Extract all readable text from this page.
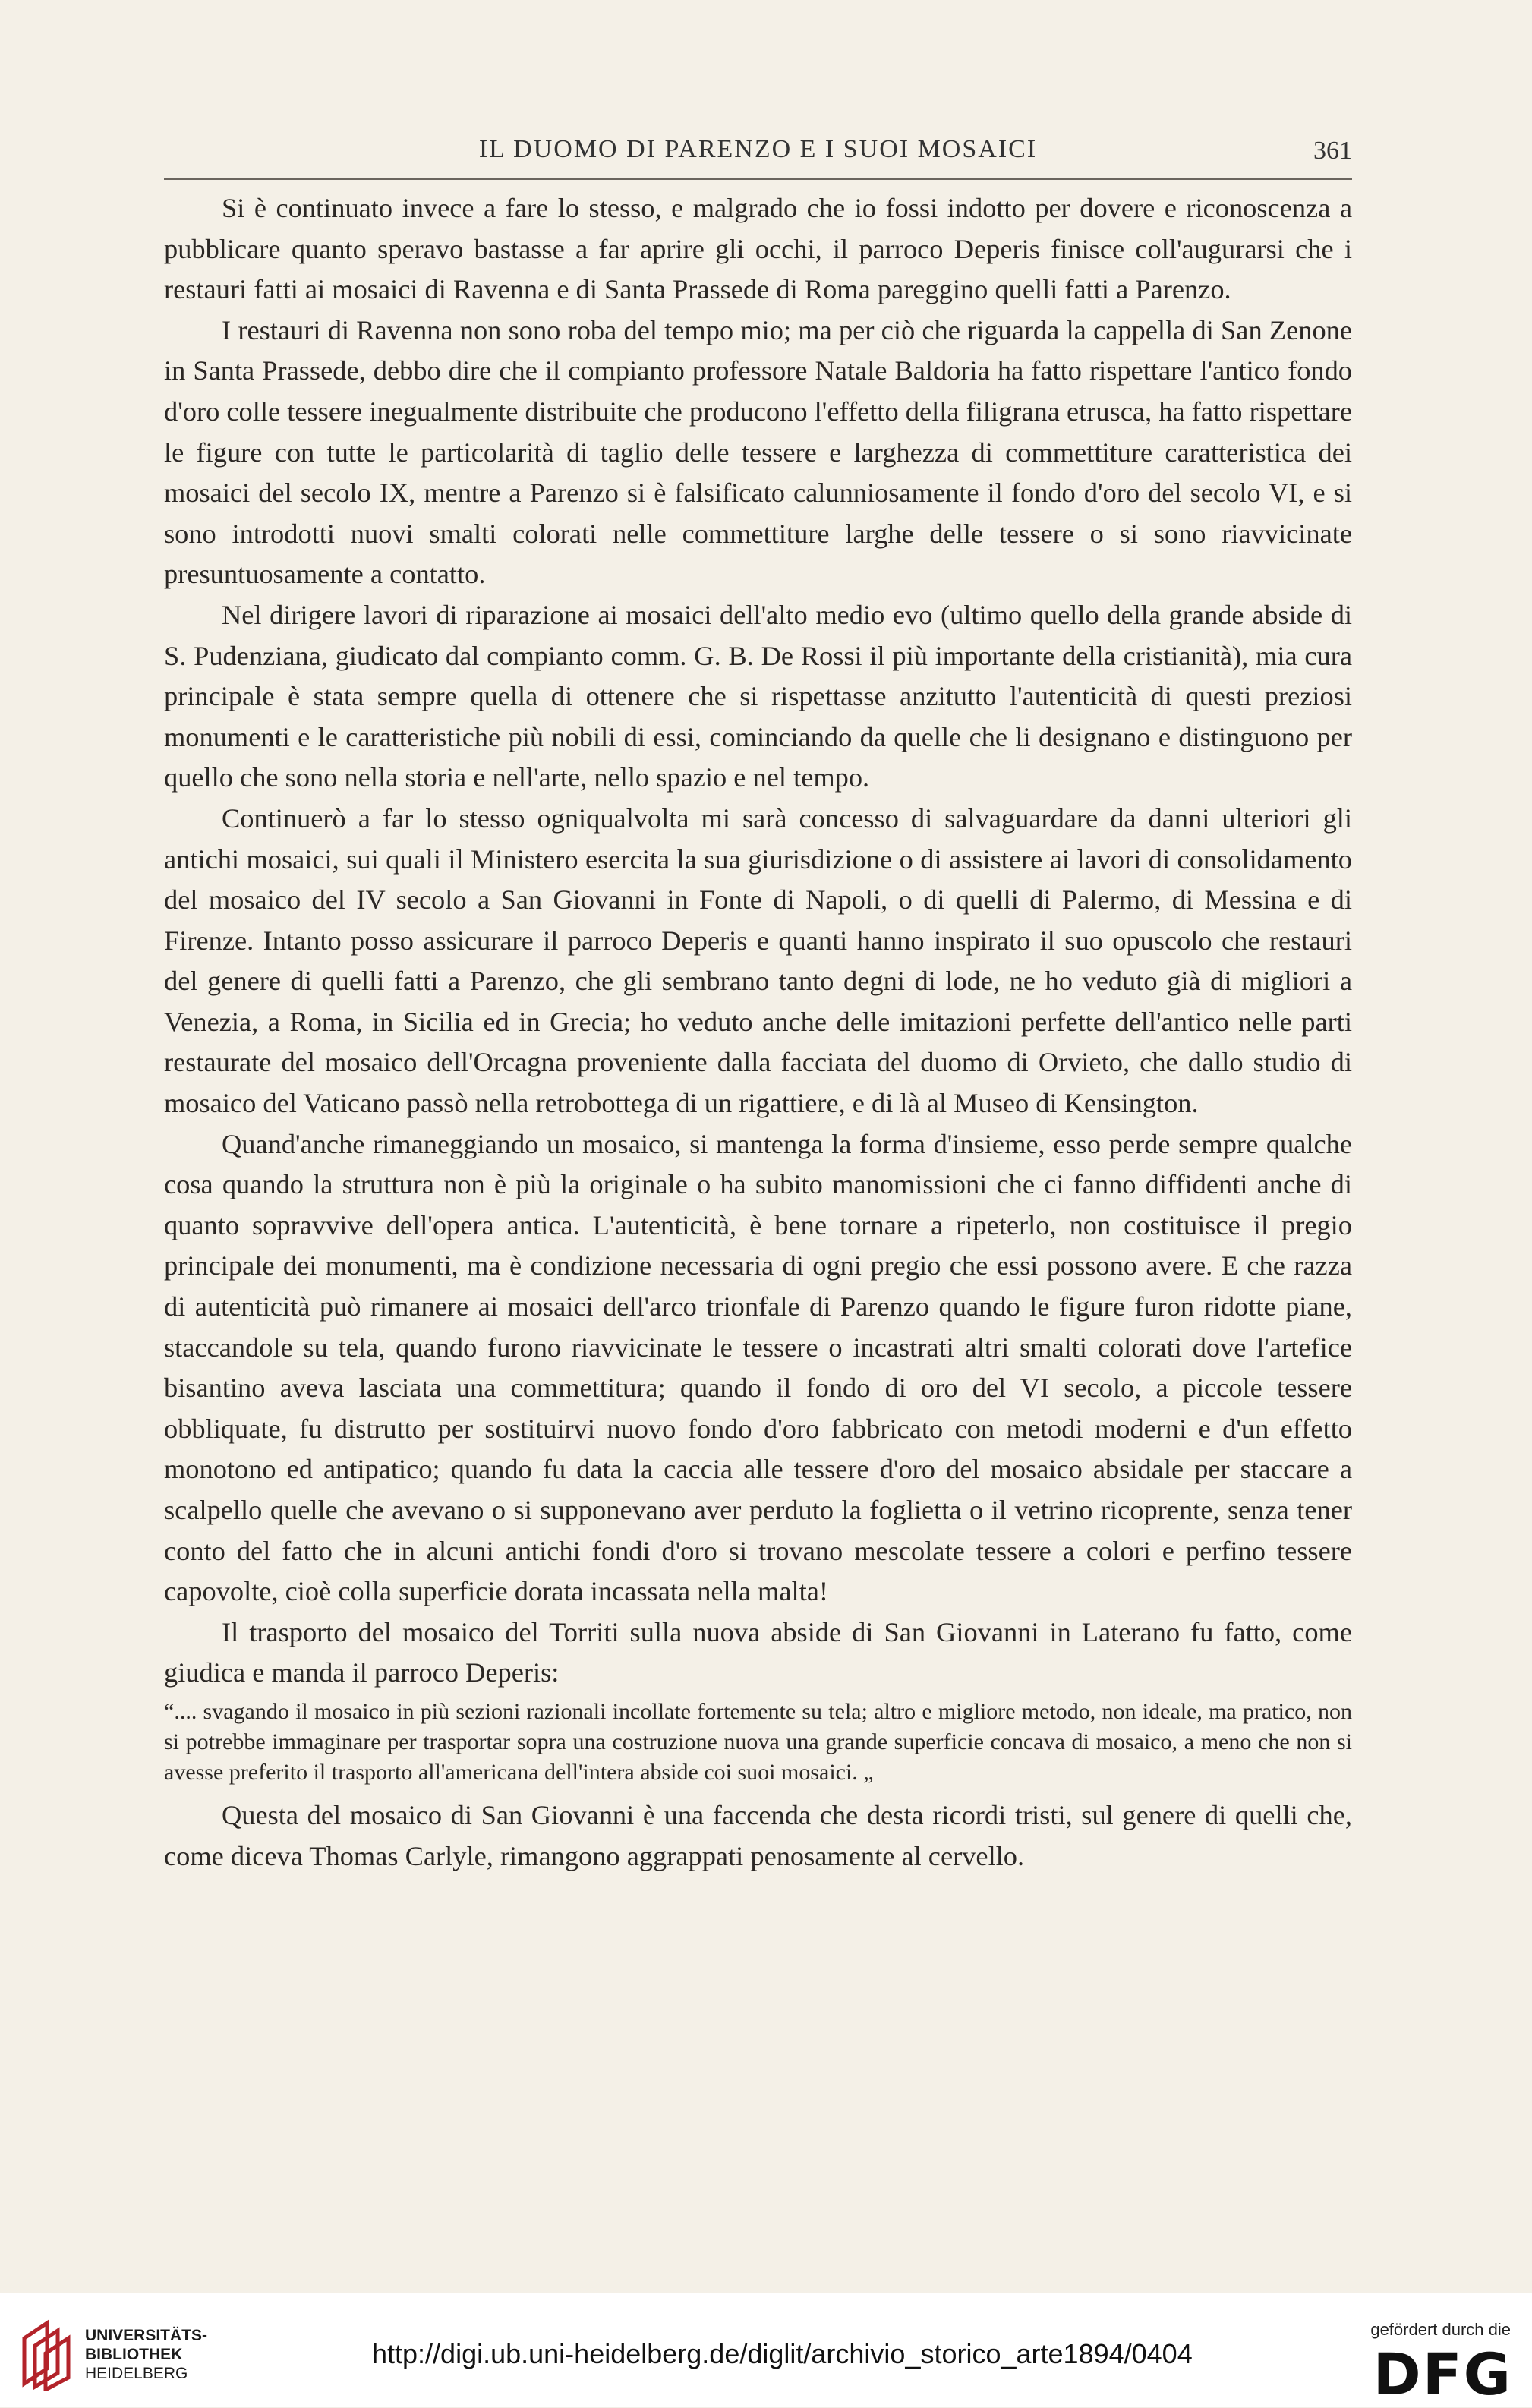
IL DUOMO DI PARENZO E I SUOI MOSAICI	361

Si è continuato invece a fare lo stesso, e malgrado che io fossi indotto per dovere e riconoscenza a pubblicare quanto speravo bastasse a far aprire gli occhi, il parroco Deperis finisce coll'augurarsi che i restauri fatti ai mosaici di Ravenna e di Santa Prassede di Roma pareggino quelli fatti a Parenzo.

I restauri di Ravenna non sono roba del tempo mio; ma per ciò che riguarda la cappella di San Zenone in Santa Prassede, debbo dire che il compianto professore Natale Baldoria ha fatto rispettare l'antico fondo d'oro colle tessere inegualmente distribuite che producono l'effetto della filigrana etrusca, ha fatto rispettare le figure con tutte le particolarità di taglio delle tessere e larghezza di commettiture caratteristica dei mosaici del secolo IX, mentre a Parenzo si è falsificato calunniosamente il fondo d'oro del secolo VI, e si sono introdotti nuovi smalti colorati nelle commettiture larghe delle tessere o si sono riavvicinate presuntuosamente a contatto.

Nel dirigere lavori di riparazione ai mosaici dell'alto medio evo (ultimo quello della grande abside di S. Pudenziana, giudicato dal compianto comm. G. B. De Rossi il più importante della cristianità), mia cura principale è stata sempre quella di ottenere che si rispettasse anzitutto l'autenticità di questi preziosi monumenti e le caratteristiche più nobili di essi, cominciando da quelle che li designano e distinguono per quello che sono nella storia e nell'arte, nello spazio e nel tempo.

Continuerò a far lo stesso ogniqualvolta mi sarà concesso di salvaguardare da danni ulteriori gli antichi mosaici, sui quali il Ministero esercita la sua giurisdizione o di assistere ai lavori di consolidamento del mosaico del IV secolo a San Giovanni in Fonte di Napoli, o di quelli di Palermo, di Messina e di Firenze. Intanto posso assicurare il parroco Deperis e quanti hanno inspirato il suo opuscolo che restauri del genere di quelli fatti a Parenzo, che gli sembrano tanto degni di lode, ne ho veduto già di migliori a Venezia, a Roma, in Sicilia ed in Grecia; ho veduto anche delle imitazioni perfette dell'antico nelle parti restaurate del mosaico dell'Orcagna proveniente dalla facciata del duomo di Orvieto, che dallo studio di mosaico del Vaticano passò nella retrobottega di un rigattiere, e di là al Museo di Kensington.

Quand'anche rimaneggiando un mosaico, si mantenga la forma d'insieme, esso perde sempre qualche cosa quando la struttura non è più la originale o ha subito manomissioni che ci fanno diffidenti anche di quanto sopravvive dell'opera antica. L'autenticità, è bene tornare a ripeterlo, non costituisce il pregio principale dei monumenti, ma è condizione necessaria di ogni pregio che essi possono avere. E che razza di autenticità può rimanere ai mosaici dell'arco trionfale di Parenzo quando le figure furon ridotte piane, staccandole su tela, quando furono riavvicinate le tessere o incastrati altri smalti colorati dove l'artefice bisantino aveva lasciata una commettitura; quando il fondo di oro del VI secolo, a piccole tessere obbliquate, fu distrutto per sostituirvi nuovo fondo d'oro fabbricato con metodi moderni e d'un effetto monotono ed antipatico; quando fu data la caccia alle tessere d'oro del mosaico absidale per staccare a scalpello quelle che avevano o si supponevano aver perduto la foglietta o il vetrino ricoprente, senza tener conto del fatto che in alcuni antichi fondi d'oro si trovano mescolate tessere a colori e perfino tessere capovolte, cioè colla superficie dorata incassata nella malta!

Il trasporto del mosaico del Torriti sulla nuova abside di San Giovanni in Laterano fu fatto, come giudica e manda il parroco Deperis:

“.... svagando il mosaico in più sezioni razionali incollate fortemente su tela; altro e migliore metodo, non ideale, ma pratico, non si potrebbe immaginare per trasportar sopra una costruzione nuova una grande superficie concava di mosaico, a meno che non si avesse preferito il trasporto all'americana dell'intera abside coi suoi mosaici. „

Questa del mosaico di San Giovanni è una faccenda che desta ricordi tristi, sul genere di quelli che, come diceva Thomas Carlyle, rimangono aggrappati penosamente al cervello.

UNIVERSITÄTS-
BIBLIOTHEK
HEIDELBERG
http://digi.ub.uni-heidelberg.de/diglit/archivio_storico_arte1894/0404
gefördert durch die
DFG
